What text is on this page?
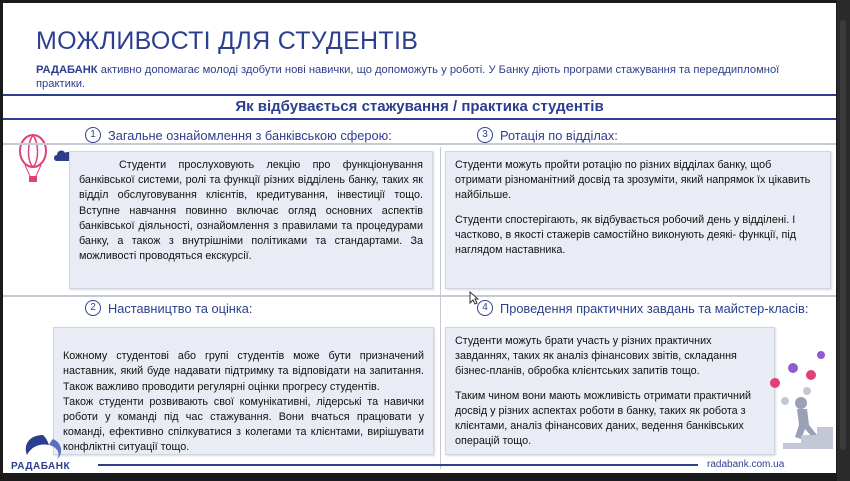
МОЖЛИВОСТІ ДЛЯ СТУДЕНТІВ
РАДАБАНК активно допомагає молоді здобути нові навички, що допоможуть у роботі. У Банку діють програми стажування та переддипломної практики.
Як відбувається стажування / практика студентів
1 Загальне ознайомлення з банківською сферою:	3 Ротація по відділах:

Студенти прослуховують лекцію про функціонування банківської системи, ролі та функції різних відділень банку, таких як відділ обслуговування клієнтів, кредитування, інвестиції тощо. Вступне навчання повинно включає огляд основних аспектів банківської діяльності, ознайомлення з правилами та процедурами банку, а також з внутрішніми політиками та стандартами. За можливості проводяться екскурсії.

Студенти можуть пройти ротацію по різних відділах банку, щоб отримати різноманітний досвід та зрозуміти, який напрямок їх цікавить найбільше.

Студенти спостерігають, як відбувається робочий день у відділені. І частково, в якості стажерів самостійно виконують деякі- функції, під наглядом наставника.

2 Наставництво та оцінка:	4 Проведення практичних завдань та майстер-класів:

Кожному студентові або групі студентів може бути призначений наставник, який буде надавати підтримку та відповідати на запитання. Також важливо проводити регулярні оцінки прогресу студентів.
Також студенти розвивають свої комунікативні, лідерські та навички роботи у команді під час стажування. Вони вчаться працювати у команді, ефективно спілкуватися з колегами та клієнтами, вирішувати конфліктні ситуації тощо.

Студенти можуть брати участь у різних практичних завданнях, таких як аналіз фінансових звітів, складання бізнес-планів, обробка клієнтських запитів тощо.

Таким чином вони мають можливість отримати практичний досвід у різних аспектах роботи в банку, таких як робота з клієнтами, аналіз фінансових даних, ведення банківських операцій тощо.

РАДАБАНК	radabank.com.ua
